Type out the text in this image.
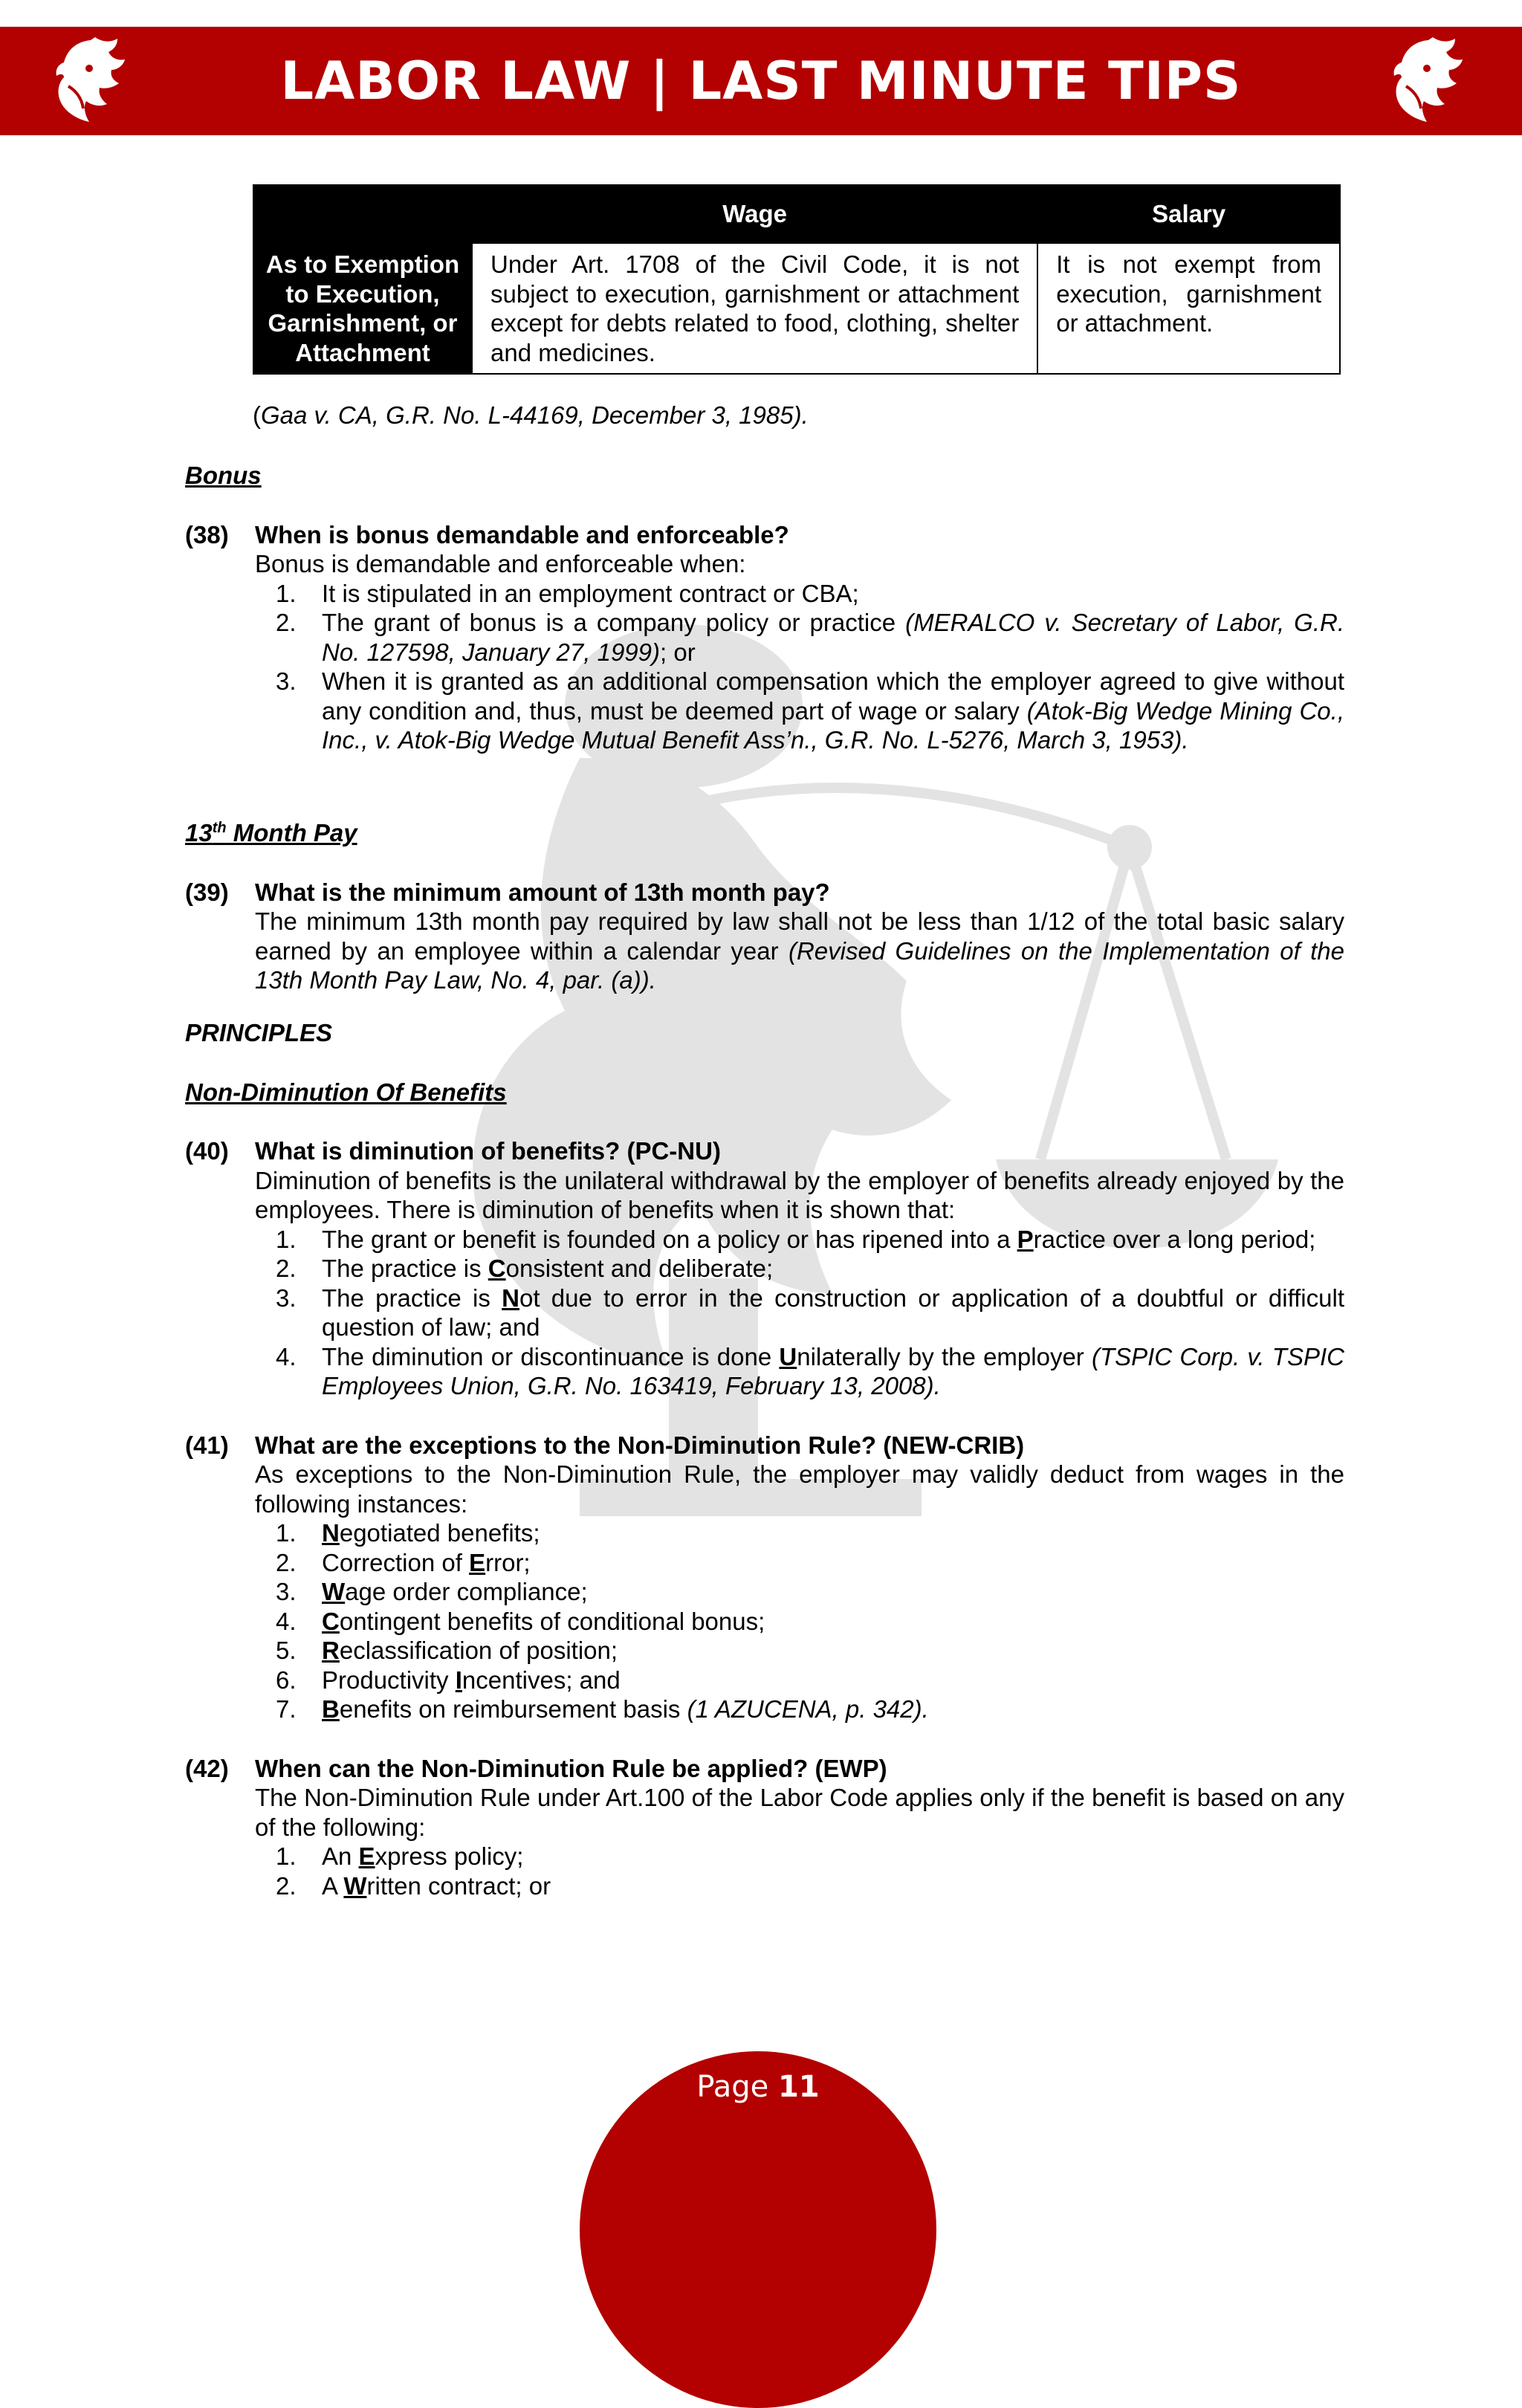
LABOR LAW | LAST MINUTE TIPS
	Wage	Salary
As to Exemption to Execution, Garnishment, or Attachment	Under Art. 1708 of the Civil Code, it is not subject to execution, garnishment or attachment except for debts related to food, clothing, shelter and medicines.	It is not exempt from execution, garnishment or attachment.
(Gaa v. CA, G.R. No. L-44169, December 3, 1985).
Bonus
(38)	When is bonus demandable and enforceable?
Bonus is demandable and enforceable when:
1.	It is stipulated in an employment contract or CBA;
2.	The grant of bonus is a company policy or practice (MERALCO v. Secretary of Labor, G.R. No. 127598, January 27, 1999); or
3.	When it is granted as an additional compensation which the employer agreed to give without any condition and, thus, must be deemed part of wage or salary (Atok-Big Wedge Mining Co., Inc., v. Atok-Big Wedge Mutual Benefit Ass’n., G.R. No. L-5276, March 3, 1953).
13th Month Pay
(39)	What is the minimum amount of 13th month pay?
The minimum 13th month pay required by law shall not be less than 1/12 of the total basic salary earned by an employee within a calendar year (Revised Guidelines on the Implementation of the 13th Month Pay Law, No. 4, par. (a)).
PRINCIPLES
Non-Diminution Of Benefits
(40)	What is diminution of benefits? (PC-NU)
Diminution of benefits is the unilateral withdrawal by the employer of benefits already enjoyed by the employees. There is diminution of benefits when it is shown that:
1.	The grant or benefit is founded on a policy or has ripened into a Practice over a long period;
2.	The practice is Consistent and deliberate;
3.	The practice is Not due to error in the construction or application of a doubtful or difficult question of law; and
4.	The diminution or discontinuance is done Unilaterally by the employer (TSPIC Corp. v. TSPIC Employees Union, G.R. No. 163419, February 13, 2008).
(41)	What are the exceptions to the Non-Diminution Rule? (NEW-CRIB)
As exceptions to the Non-Diminution Rule, the employer may validly deduct from wages in the following instances:
1.	Negotiated benefits;
2.	Correction of Error;
3.	Wage order compliance;
4.	Contingent benefits of conditional bonus;
5.	Reclassification of position;
6.	Productivity Incentives; and
7.	Benefits on reimbursement basis (1 AZUCENA, p. 342).
(42)	When can the Non-Diminution Rule be applied? (EWP)
The Non-Diminution Rule under Art.100 of the Labor Code applies only if the benefit is based on any of the following:
1.	An Express policy;
2.	A Written contract; or
Page 11
